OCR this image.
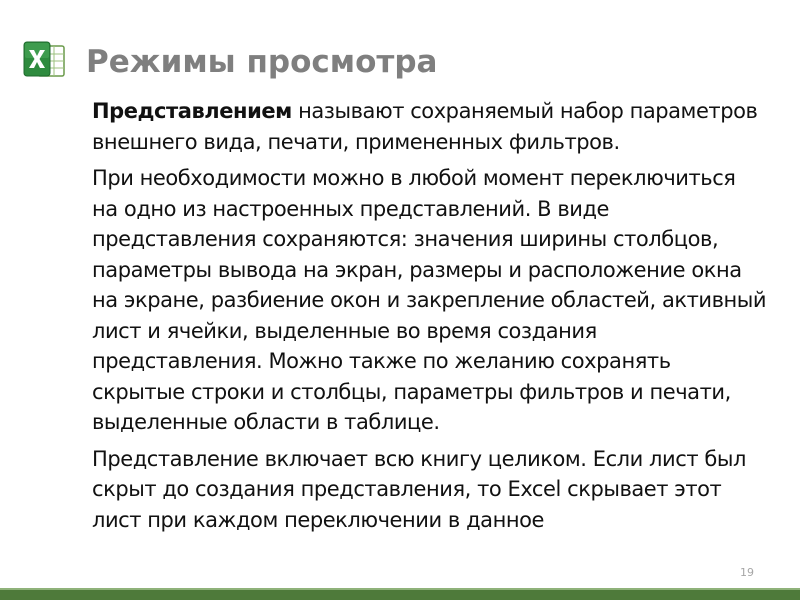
Режимы просмотра

Представлением называют сохраняемый набор параметров внешнего вида, печати, примененных фильтров.

При необходимости можно в любой момент переключиться на одно из настроенных представлений. В виде представления сохраняются: значения ширины столбцов, параметры вывода на экран, размеры и расположение окна на экране, разбиение окон и закрепление областей, активный лист и ячейки, выделенные во время создания представления. Можно также по желанию сохранять скрытые строки и столбцы, параметры фильтров и печати, выделенные области в таблице.

Представление включает всю книгу целиком. Если лист был скрыт до создания представления, то Excel скрывает этот лист при каждом переключении в данное

19
